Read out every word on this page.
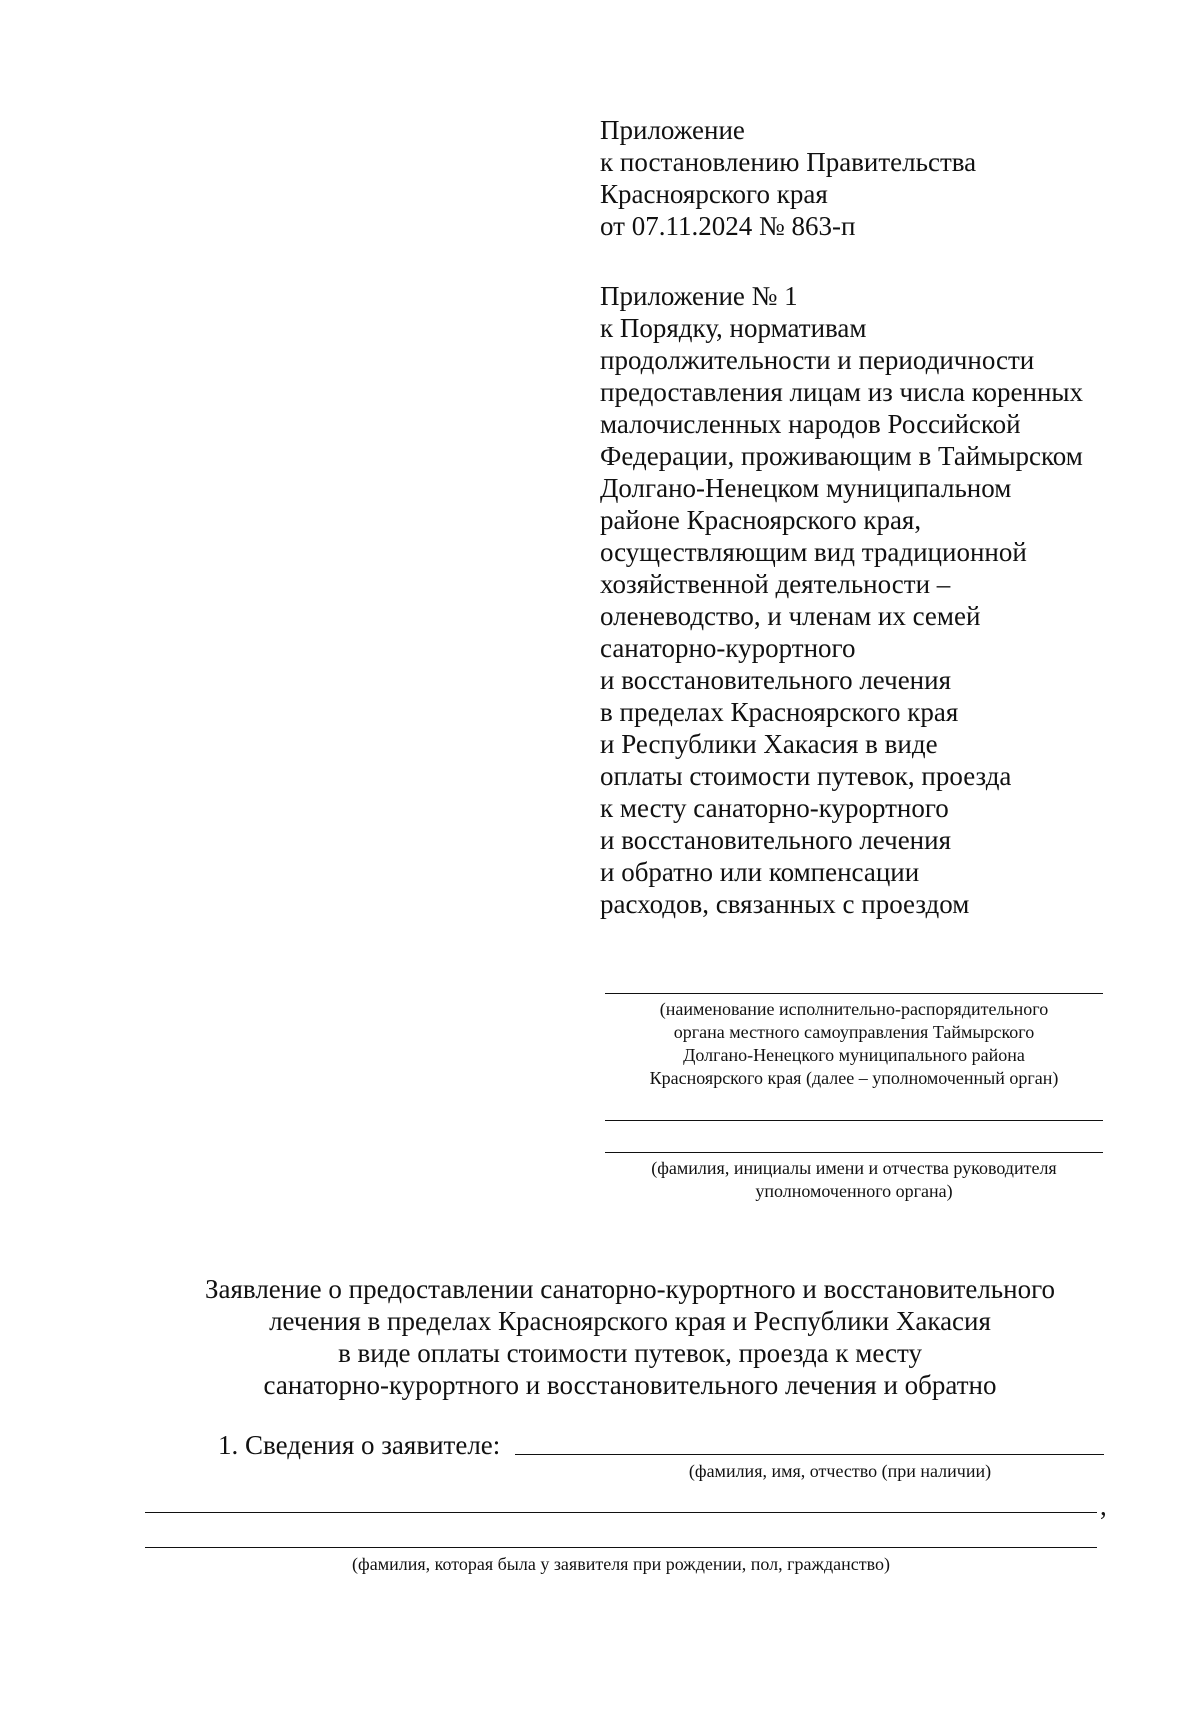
Приложение
к постановлению Правительства
Красноярского края
от 07.11.2024 № 863-п
Приложение № 1
к Порядку, нормативам
продолжительности и периодичности
предоставления лицам из числа коренных
малочисленных народов Российской
Федерации, проживающим в Таймырском
Долгано-Ненецком муниципальном
районе Красноярского края,
осуществляющим вид традиционной
хозяйственной деятельности –
оленеводство, и членам их семей
санаторно-курортного
и восстановительного лечения
в пределах Красноярского края
и Республики Хакасия в виде
оплаты стоимости путевок, проезда
к месту санаторно-курортного
и восстановительного лечения
и обратно или компенсации
расходов, связанных с проездом
(наименование исполнительно-распорядительного
органа местного самоуправления Таймырского
Долгано-Ненецкого муниципального района
Красноярского края (далее – уполномоченный орган)
(фамилия, инициалы имени и отчества руководителя
уполномоченного органа)
Заявление о предоставлении санаторно-курортного и восстановительного
лечения в пределах Красноярского края и Республики Хакасия
в виде оплаты стоимости путевок, проезда к месту
санаторно-курортного и восстановительного лечения и обратно
1. Сведения о заявителе:
(фамилия, имя, отчество (при наличии)
,
(фамилия, которая была у заявителя при рождении, пол, гражданство)
